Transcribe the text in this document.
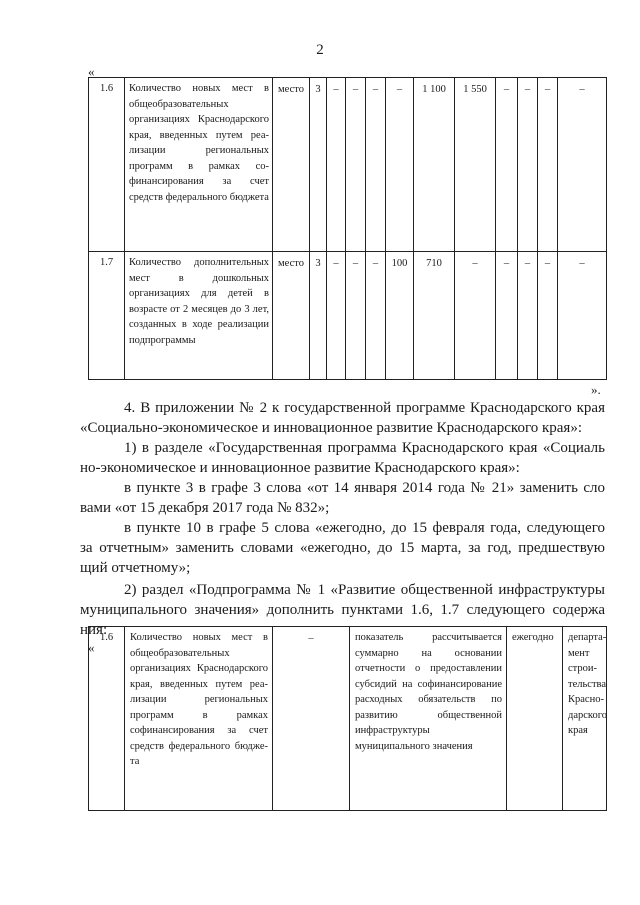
2
«
1.6	Количество новых мест в общеобразовательных организациях Краснодарского края, введенных путем реализации региональных программ в рамках софинансирования за счет средств федерального бюджета	место	3	–	–	–	–	1 100	1 550	–	–	–	–
1.7	Количество дополнительных мест в дошкольных организациях для детей в возрасте от 2 месяцев до 3 лет, созданных в ходе реализации подпрограммы	место	3	–	–	–	100	710	–	–	–	–	–
».
4. В приложении № 2 к государственной программе Краснодарского края
«Социально-экономическое и инновационное развитие Краснодарского края»:
1) в разделе «Государственная программа Краснодарского края «Социаль
но-экономическое и инновационное развитие Краснодарского края»:
в пункте 3 в графе 3 слова «от 14 января 2014 года № 21» заменить сло
вами «от 15 декабря 2017 года № 832»;
в пункте 10 в графе 5 слова «ежегодно, до 15 февраля года, следующего
за отчетным» заменить словами «ежегодно, до 15 марта, за год, предшествую
щий отчетному»;
2) раздел «Подпрограмма № 1 «Развитие общественной инфраструктуры
муниципального значения» дополнить пунктами 1.6, 1.7 следующего содержа
ния:
«

1.6	Количество новых мест в общеобразовательных организациях Краснодарского края, введенных путем реализации региональных программ в рамках софинансирования за счет средств федерального бюджета	–	показатель рассчитывается суммарно на основании отчетности о предоставлении субсидий на софинансирование расходных обязательств по развитию общественной инфраструктуры муниципального значения	ежегодно	департамент строительства Краснодарского края
